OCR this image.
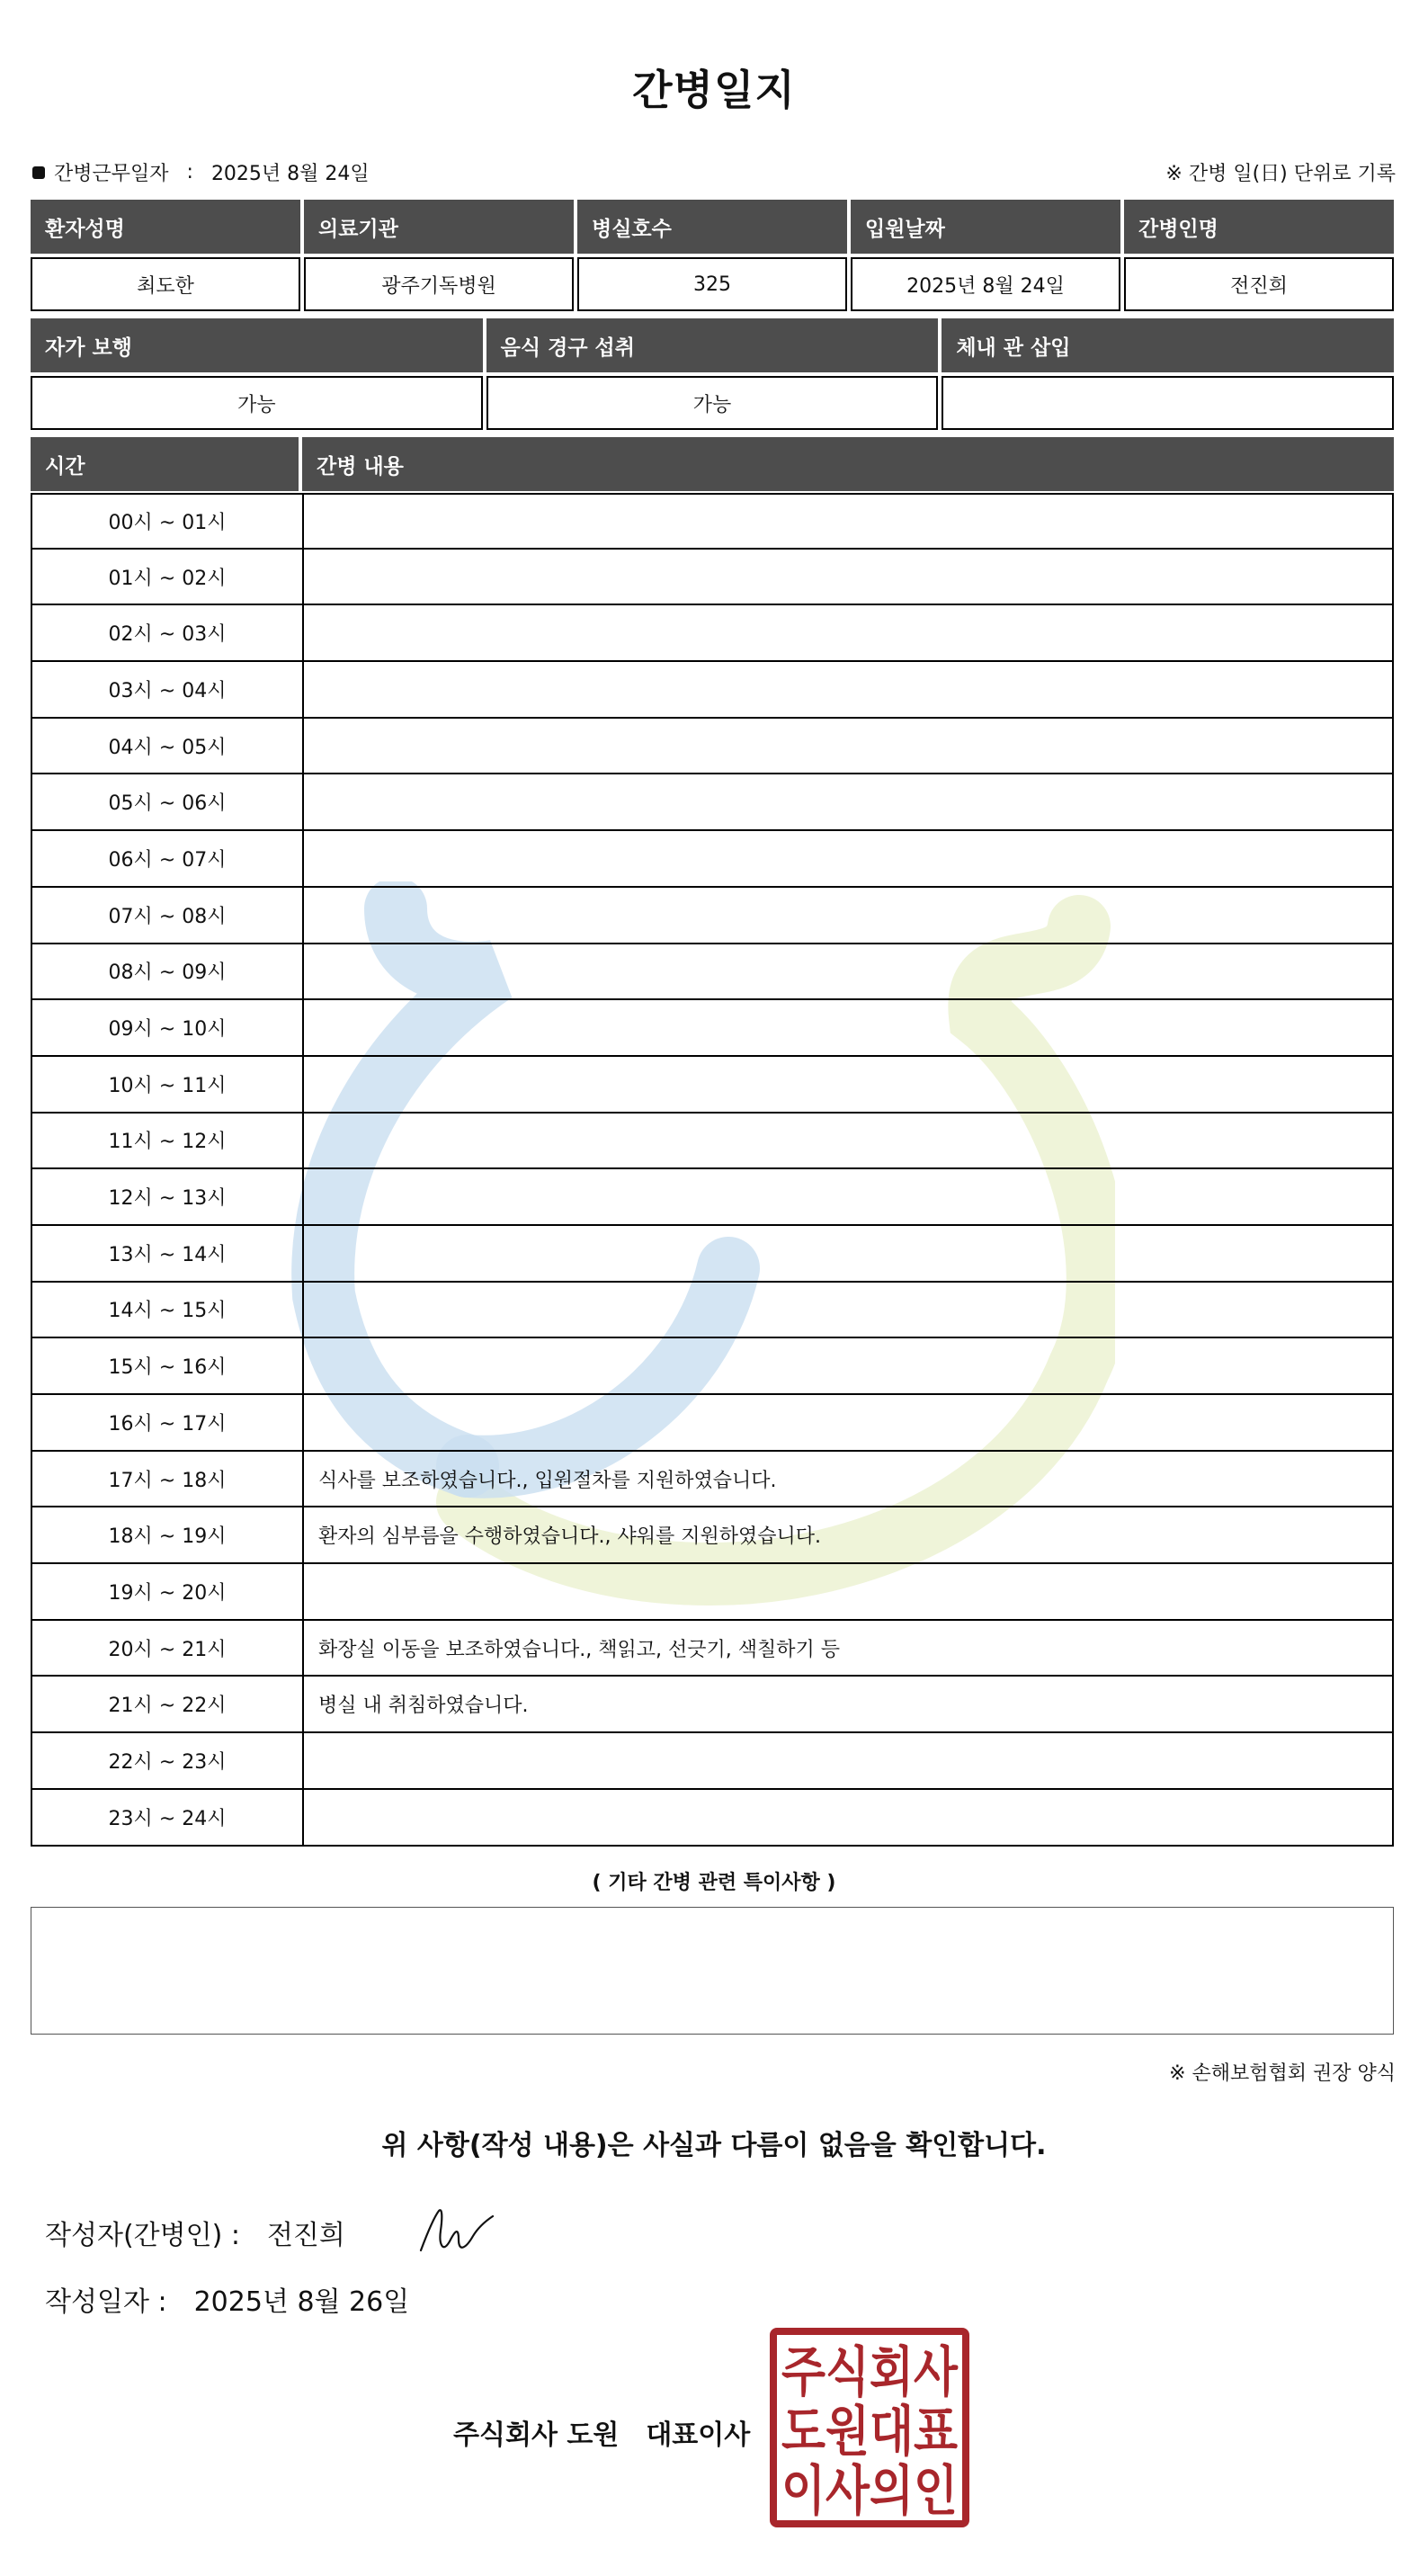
간병일지
간병근무일자 : 2025년 8월 24일	※ 간병 일(日) 단위로 기록
환자성명	의료기관	병실호수	입원날짜	간병인명
최도한	광주기독병원	325	2025년 8월 24일	전진희
자가 보행	음식 경구 섭취	체내 관 삽입
가능	가능
시간	간병 내용
00시 ~ 01시
01시 ~ 02시
02시 ~ 03시
03시 ~ 04시
04시 ~ 05시
05시 ~ 06시
06시 ~ 07시
07시 ~ 08시
08시 ~ 09시
09시 ~ 10시
10시 ~ 11시
11시 ~ 12시
12시 ~ 13시
13시 ~ 14시
14시 ~ 15시
15시 ~ 16시
16시 ~ 17시
17시 ~ 18시	식사를 보조하였습니다., 입원절차를 지원하였습니다.
18시 ~ 19시	환자의 심부름을 수행하였습니다., 샤워를 지원하였습니다.
19시 ~ 20시
20시 ~ 21시	화장실 이동을 보조하였습니다., 책읽고, 선긋기, 색칠하기 등
21시 ~ 22시	병실 내 취침하였습니다.
22시 ~ 23시
23시 ~ 24시
( 기타 간병 관련 특이사항 )
※ 손해보험협회 권장 양식
위 사항(작성 내용)은 사실과 다름이 없음을 확인합니다.
작성자(간병인) : 전진희
작성일자 : 2025년 8월 26일
주식회사 도원 대표이사
주식회사
도원대표
이사의인
